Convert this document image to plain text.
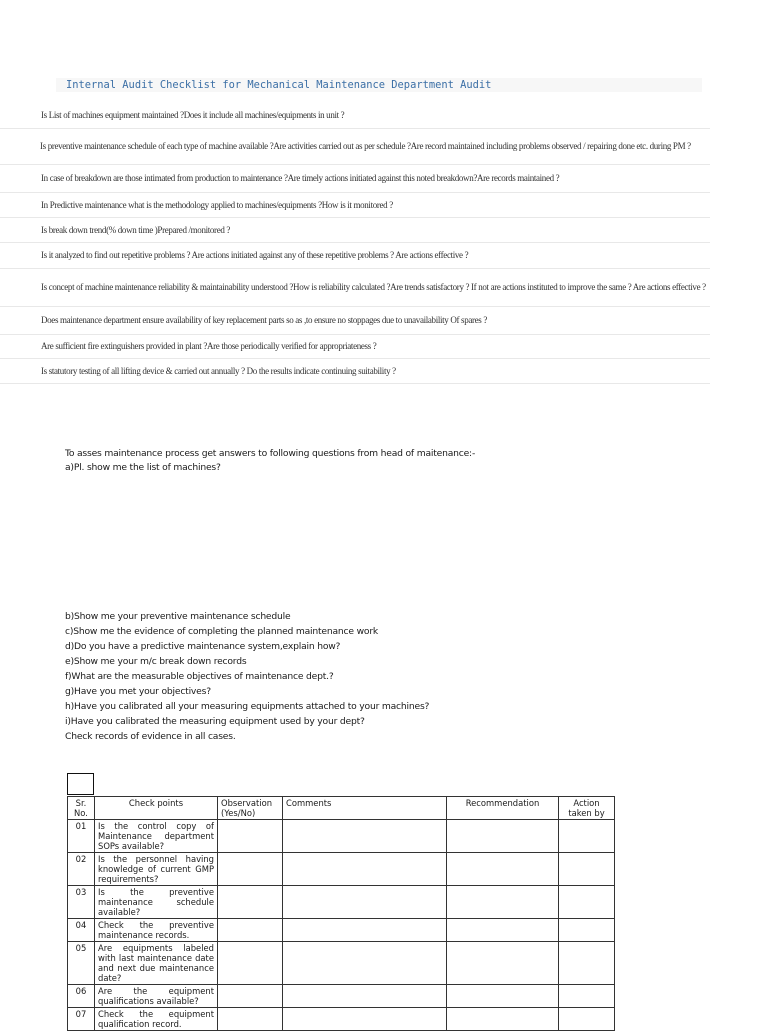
Internal Audit Checklist for Mechanical Maintenance Department Audit
Is List of machines equipment maintained ?Does it include all machines/equipments in unit ?
Is preventive maintenance schedule of each type of machine available ?Are activities carried out as per schedule ?Are record maintained including problems observed / repairing done etc. during PM ?
In case of breakdown are those intimated from production to maintenance ?Are timely actions initiated against this noted breakdown?Are records maintained ?
In Predictive maintenance what is the methodology applied to machines/equipments ?How is it monitored ?
Is break down trend(% down time )Prepared /monitored ?
Is it analyzed to find out repetitive problems ? Are actions initiated against any of these repetitive problems ? Are actions effective ?
Is concept of machine maintenance reliability & maintainability understood ?How is reliability calculated ?Are trends satisfactory ? If not are actions instituted to improve the same ? Are actions effective ?
Does maintenance department ensure availability of key replacement parts so as ,to ensure no stoppages due to unavailability Of spares ?
Are sufficient fire extinguishers provided in plant ?Are those periodically verified for appropriateness ?
Is statutory testing of all lifting device & carried out annually ? Do the results indicate continuing suitability ?
To asses maintenance process get answers to following questions from head of maitenance:-
a)Pl. show me the list of machines?
b)Show me your preventive maintenance schedule
c)Show me the evidence of completing the planned maintenance work
d)Do you have a predictive maintenance system,explain how?
e)Show me your m/c break down records
f)What are the measurable objectives of maintenance dept.?
g)Have you met your objectives?
h)Have you calibrated all your measuring equipments attached to your machines?
i)Have you calibrated the measuring equipment used by your dept?
Check records of evidence in all cases.
Sr. No.	Check points	Observation (Yes/No)	Comments	Recommendation	Action taken by
01	Is the control copy of Maintenance department SOPs available?				
02	Is the personnel having knowledge of current GMP requirements?				
03	Is the preventive maintenance schedule available?				
04	Check the preventive maintenance records.				
05	Are equipments labeled with last maintenance date and next due maintenance date?				
06	Are the equipment qualifications available?				
07	Check the equipment qualification record.				
